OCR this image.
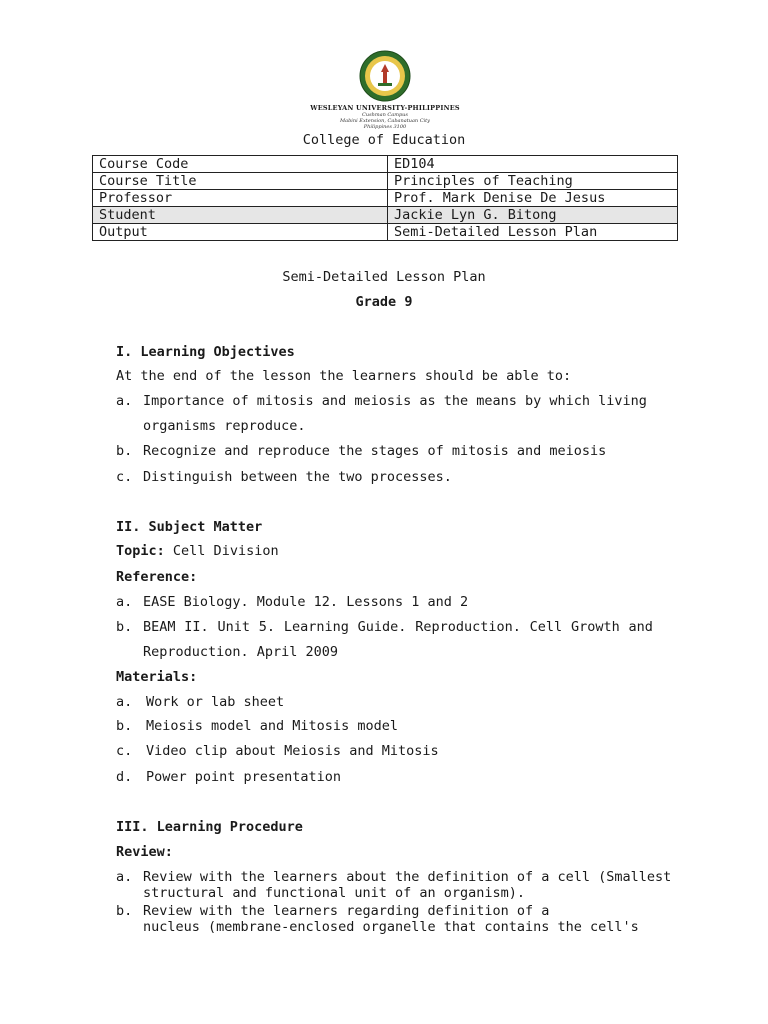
WESLEYAN UNIVERSITY-PHILIPPINES
Cushman Campus
Mabini Extension, Cabanatuan City
Philippines 3100
College of Education
Course Code	ED104
Course Title	Principles of Teaching
Professor	Prof. Mark Denise De Jesus
Student	Jackie Lyn G. Bitong
Output	Semi-Detailed Lesson Plan
Semi-Detailed Lesson Plan
Grade 9
I. Learning Objectives
At the end of the lesson the learners should be able to:
a. Importance of mitosis and meiosis as the means by which living
organisms reproduce.
b. Recognize and reproduce the stages of mitosis and meiosis
c. Distinguish between the two processes.
II. Subject Matter
Topic: Cell Division
Reference:
a. EASE Biology. Module 12. Lessons 1 and 2
b. BEAM II. Unit 5. Learning Guide. Reproduction. Cell Growth and
Reproduction. April 2009
Materials:
a. Work or lab sheet
b. Meiosis model and Mitosis model
c. Video clip about Meiosis and Mitosis
d. Power point presentation
III. Learning Procedure
Review:
a. Review with the learners about the definition of a cell (Smallest
structural and functional unit of an organism).
b. Review with the learners regarding definition of a
nucleus (membrane-enclosed organelle that contains the cell's
